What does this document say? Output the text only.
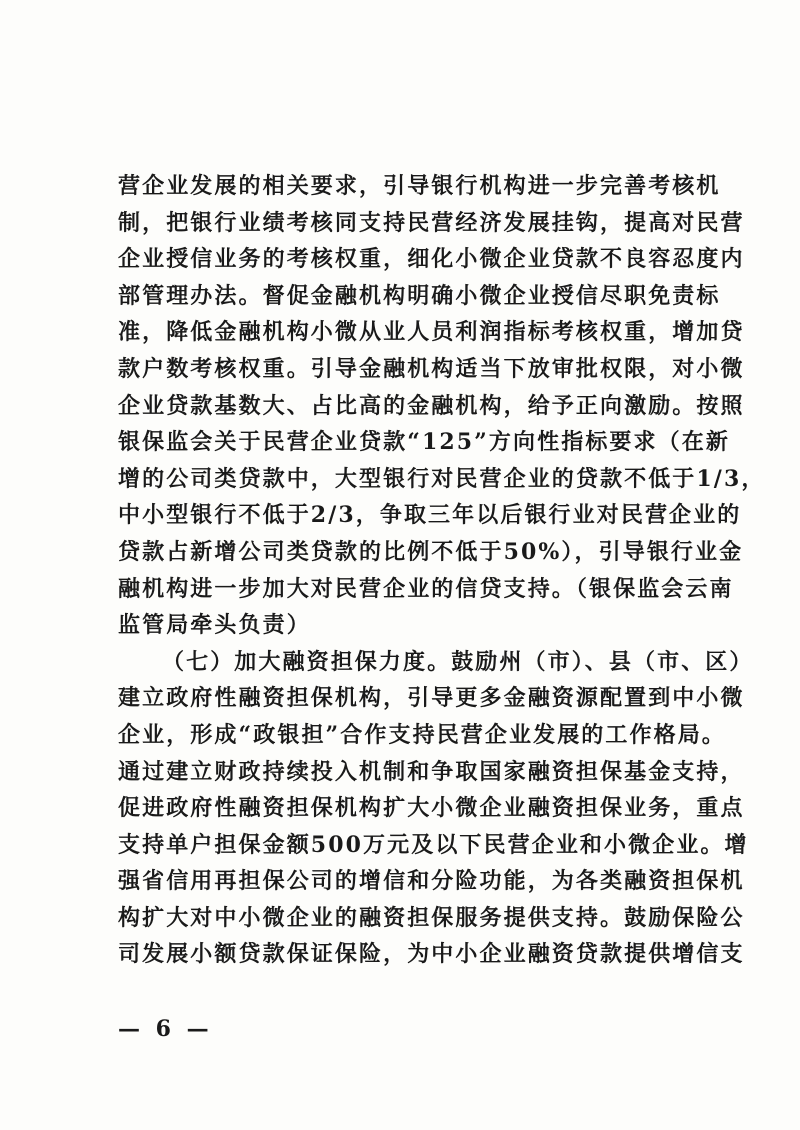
营企业发展的相关要求，引导银行机构进一步完善考核机
制，把银行业绩考核同支持民营经济发展挂钩，提高对民营
企业授信业务的考核权重，细化小微企业贷款不良容忍度内
部管理办法。督促金融机构明确小微企业授信尽职免责标
准，降低金融机构小微从业人员利润指标考核权重，增加贷
款户数考核权重。引导金融机构适当下放审批权限，对小微
企业贷款基数大、占比高的金融机构，给予正向激励。按照
银保监会关于民营企业贷款“125”方向性指标要求（在新
增的公司类贷款中，大型银行对民营企业的贷款不低于1/3，
中小型银行不低于2/3，争取三年以后银行业对民营企业的
贷款占新增公司类贷款的比例不低于50%），引导银行业金
融机构进一步加大对民营企业的信贷支持。（银保监会云南
监管局牵头负责）
（七）加大融资担保力度。鼓励州（市）、县（市、区）
建立政府性融资担保机构，引导更多金融资源配置到中小微
企业，形成“政银担”合作支持民营企业发展的工作格局。
通过建立财政持续投入机制和争取国家融资担保基金支持，
促进政府性融资担保机构扩大小微企业融资担保业务，重点
支持单户担保金额500万元及以下民营企业和小微企业。增
强省信用再担保公司的增信和分险功能，为各类融资担保机
构扩大对中小微企业的融资担保服务提供支持。鼓励保险公
司发展小额贷款保证保险，为中小企业融资贷款提供增信支
— 6 —
